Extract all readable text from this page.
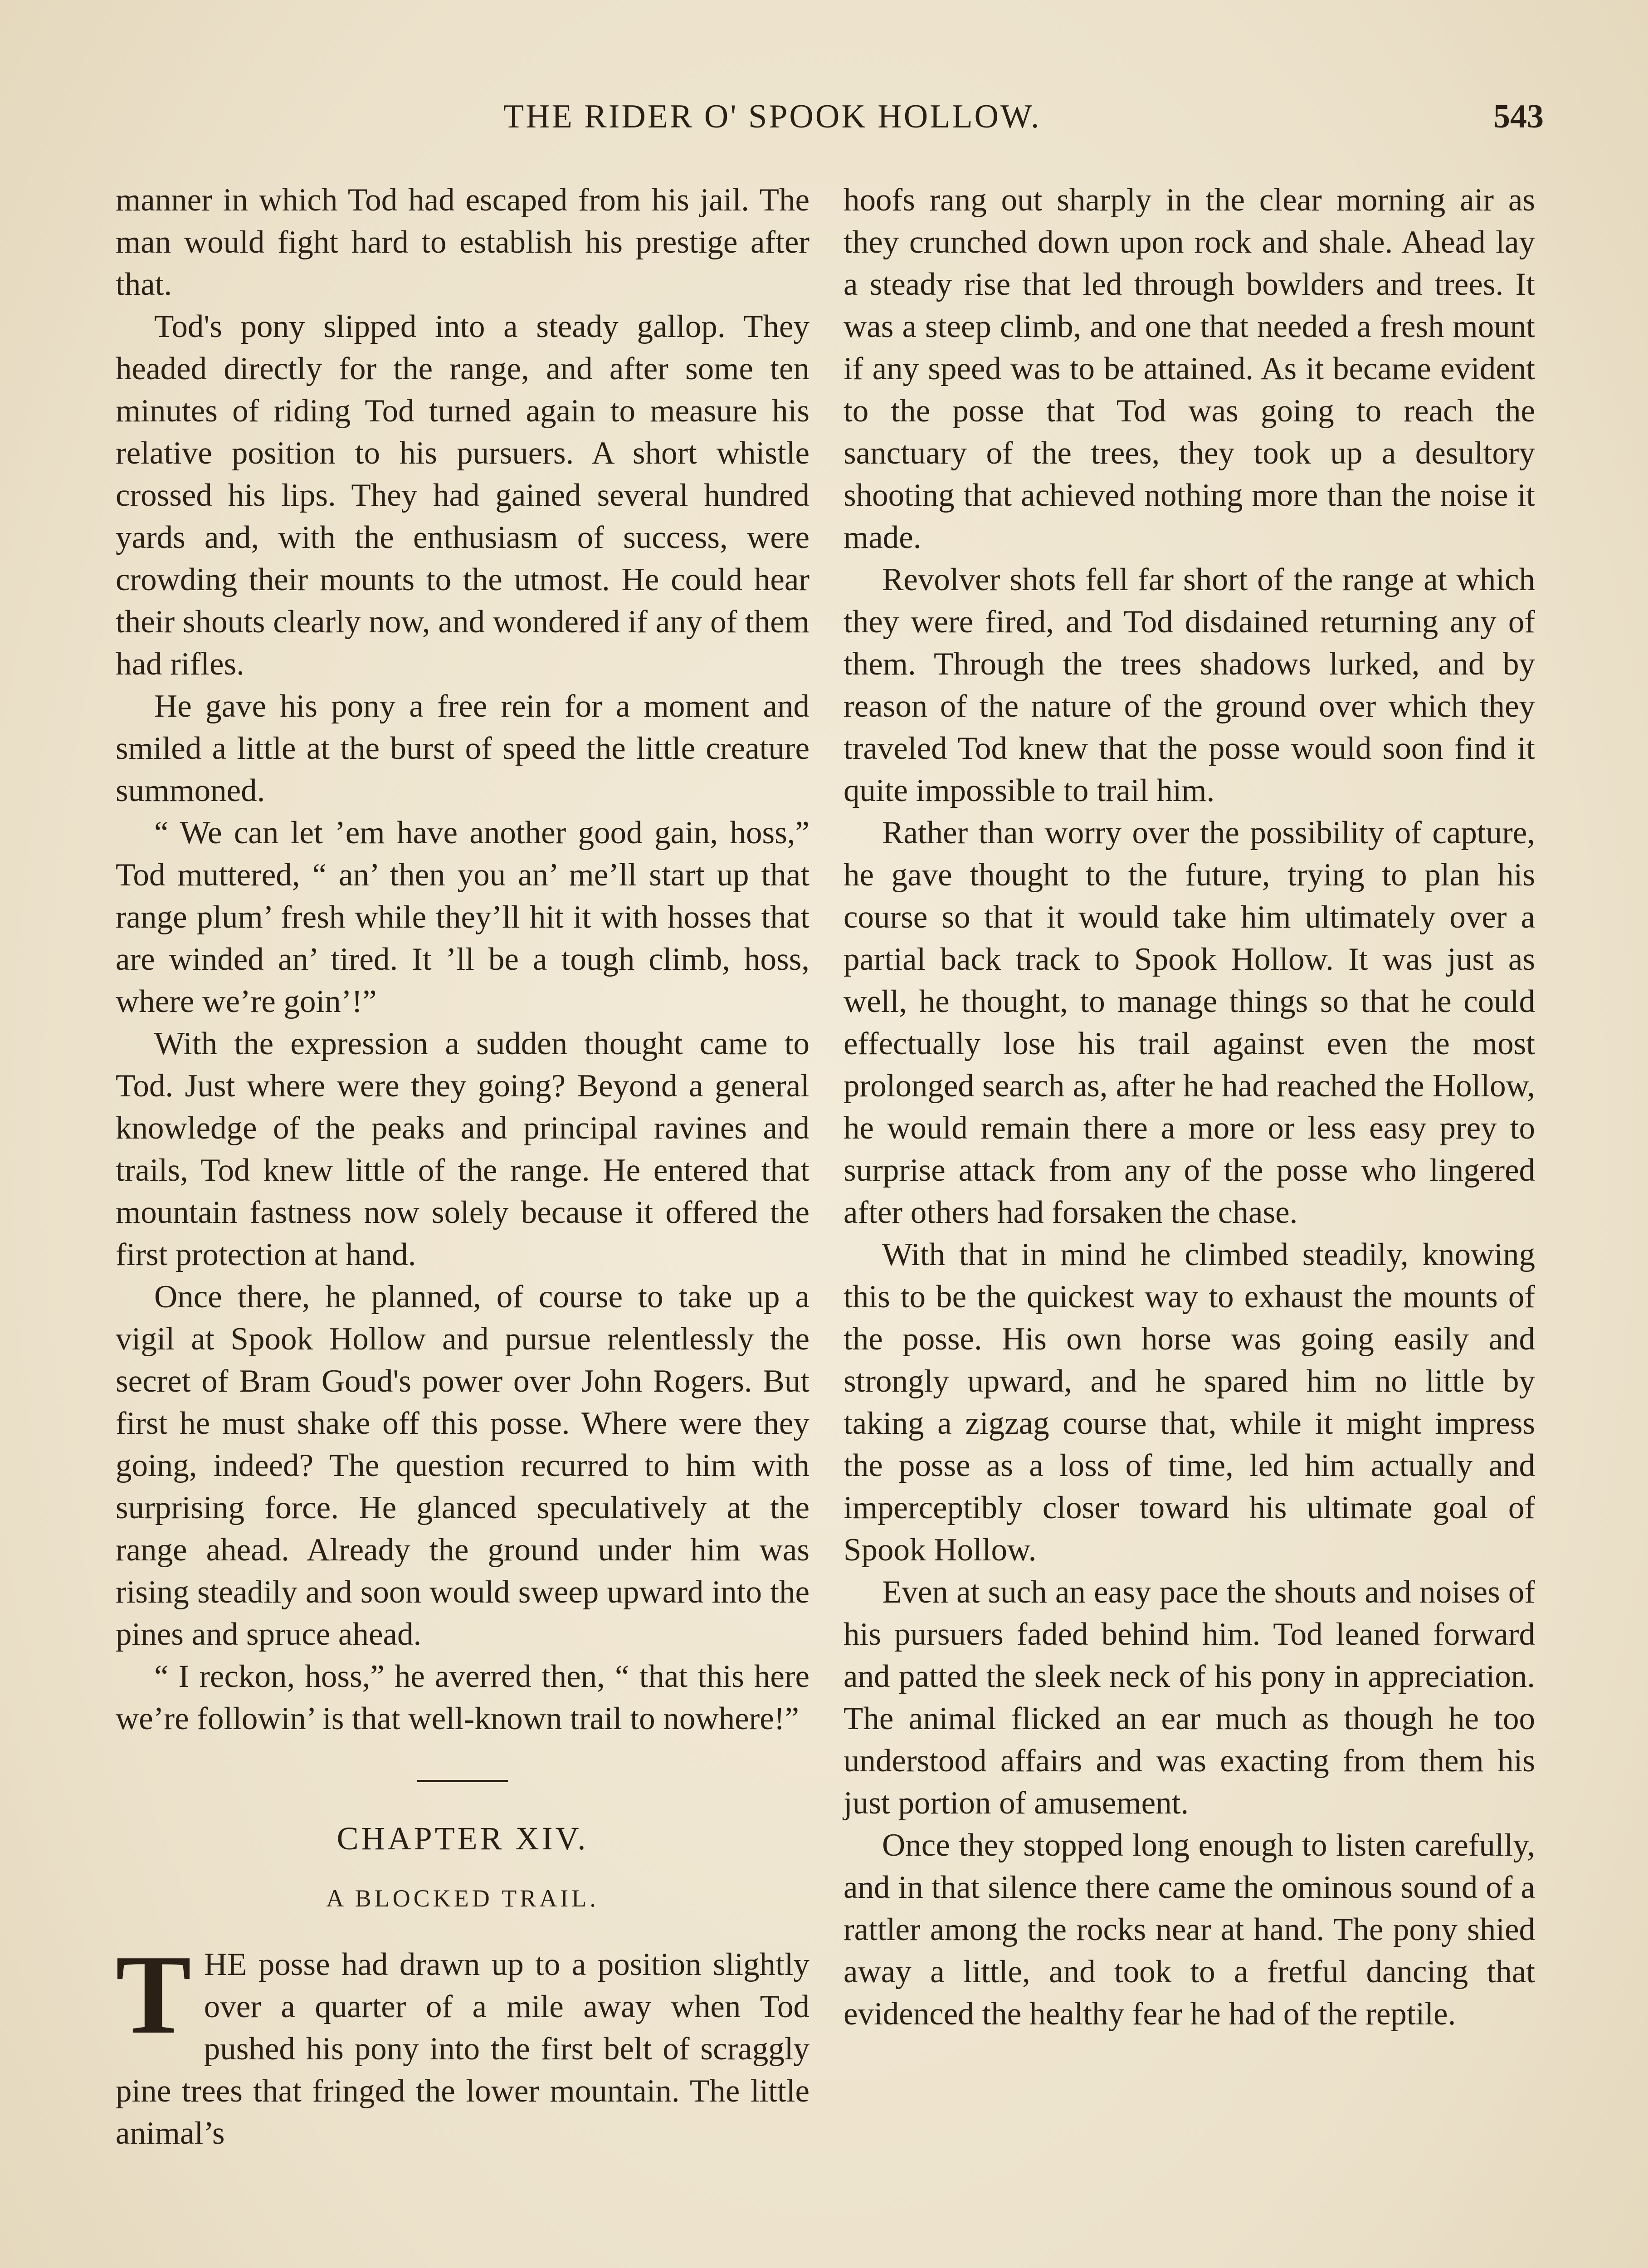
THE RIDER O' SPOOK HOLLOW.	543

manner in which Tod had escaped from his jail. The man would fight hard to establish his prestige after that.

Tod's pony slipped into a steady gallop. They headed directly for the range, and after some ten minutes of riding Tod turned again to measure his relative position to his pursuers. A short whistle crossed his lips. They had gained several hundred yards and, with the enthusiasm of success, were crowding their mounts to the utmost. He could hear their shouts clearly now, and wondered if any of them had rifles.

He gave his pony a free rein for a moment and smiled a little at the burst of speed the little creature summoned.

“ We can let ’em have another good gain, hoss,” Tod muttered, “ an’ then you an’ me’ll start up that range plum’ fresh while they’ll hit it with hosses that are winded an’ tired. It ’ll be a tough climb, hoss, where we’re goin’!”

With the expression a sudden thought came to Tod. Just where were they going? Beyond a general knowledge of the peaks and principal ravines and trails, Tod knew little of the range. He entered that mountain fastness now solely because it offered the first protection at hand.

Once there, he planned, of course to take up a vigil at Spook Hollow and pursue relentlessly the secret of Bram Goud's power over John Rogers. But first he must shake off this posse. Where were they going, indeed? The question recurred to him with surprising force. He glanced speculatively at the range ahead. Already the ground under him was rising steadily and soon would sweep upward into the pines and spruce ahead.

“ I reckon, hoss,” he averred then, “ that this here we’re followin’ is that well-known trail to nowhere!”

CHAPTER XIV.
A BLOCKED TRAIL.

T HE posse had drawn up to a position slightly over a quarter of a mile away when Tod pushed his pony into the first belt of scraggly pine trees that fringed the lower mountain. The little animal’s

hoofs rang out sharply in the clear morning air as they crunched down upon rock and shale. Ahead lay a steady rise that led through bowlders and trees. It was a steep climb, and one that needed a fresh mount if any speed was to be attained. As it became evident to the posse that Tod was going to reach the sanctuary of the trees, they took up a desultory shooting that achieved nothing more than the noise it made.

Revolver shots fell far short of the range at which they were fired, and Tod disdained returning any of them. Through the trees shadows lurked, and by reason of the nature of the ground over which they traveled Tod knew that the posse would soon find it quite impossible to trail him.

Rather than worry over the possibility of capture, he gave thought to the future, trying to plan his course so that it would take him ultimately over a partial back track to Spook Hollow. It was just as well, he thought, to manage things so that he could effectually lose his trail against even the most prolonged search as, after he had reached the Hollow, he would remain there a more or less easy prey to surprise attack from any of the posse who lingered after others had forsaken the chase.

With that in mind he climbed steadily, knowing this to be the quickest way to exhaust the mounts of the posse. His own horse was going easily and strongly upward, and he spared him no little by taking a zigzag course that, while it might impress the posse as a loss of time, led him actually and imperceptibly closer toward his ultimate goal of Spook Hollow.

Even at such an easy pace the shouts and noises of his pursuers faded behind him. Tod leaned forward and patted the sleek neck of his pony in appreciation. The animal flicked an ear much as though he too understood affairs and was exacting from them his just portion of amusement.

Once they stopped long enough to listen carefully, and in that silence there came the ominous sound of a rattler among the rocks near at hand. The pony shied away a little, and took to a fretful dancing that evidenced the healthy fear he had of the reptile.
